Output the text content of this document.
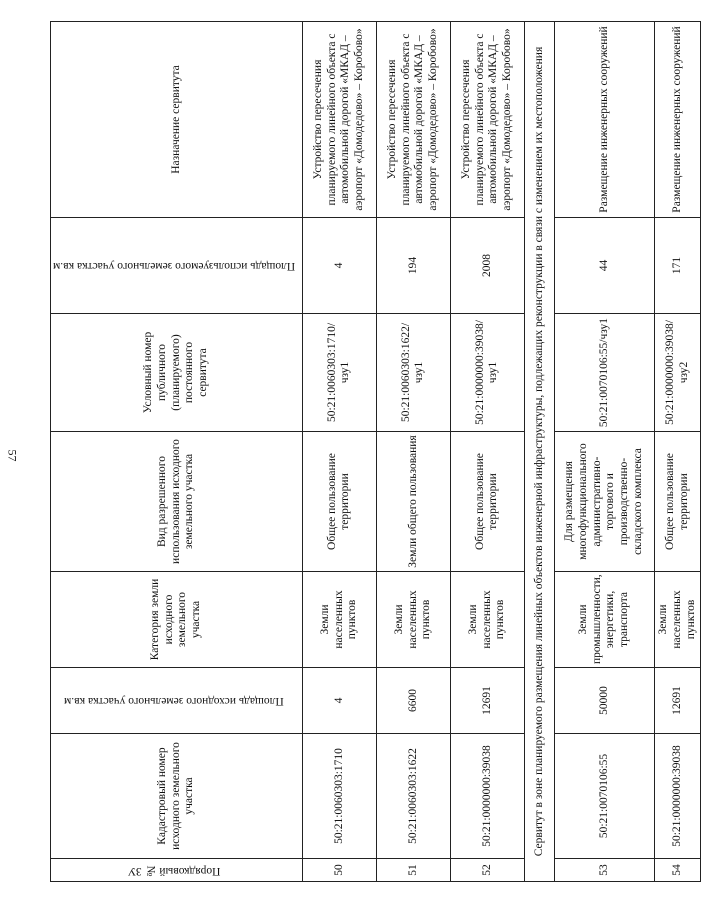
57
Порядковый № ЗУ	Кадастровый номер исходного земельного участка	Площадь исходного земельного участка кв.м	Категория земли исходного земельного участка	Вид разрешенного использования исходного земельного участка	Условный номер публичного (планируемого) постоянного сервитута	Площадь используемого земельного участка кв.м	Назначение сервитута
50	50:21:0060303:1710	4	Земли населенных пунктов	Общее пользование территории	50:21:0060303:1710/чзу1	4	Устройство пересечения планируемого линейного объекта с автомобильной дорогой «МКАД – аэропорт «Домодедово» – Коробово»
51	50:21:0060303:1622	6600	Земли населенных пунктов	Земли общего пользования	50:21:0060303:1622/чзу1	194	Устройство пересечения планируемого линейного объекта с автомобильной дорогой «МКАД – аэропорт «Домодедово» – Коробово»
52	50:21:0000000:39038	12691	Земли населенных пунктов	Общее пользование территории	50:21:0000000:39038/чзу1	2008	Устройство пересечения планируемого линейного объекта с автомобильной дорогой «МКАД – аэропорт «Домодедово» – Коробово»
Сервитут в зоне планируемого размещения линейных объектов инженерной инфраструктуры, подлежащих реконструкции в связи с изменением их местоположения							
53	50:21:0070106:55	50000	Земли промышленности, энергетики, транспорта	Для размещения многофункционального административно-торгового и производственно-складского комплекса	50:21:0070106:55/чзу1	44	Размещение инженерных сооружений
54	50:21:0000000:39038	12691	Земли населенных пунктов	Общее пользование территории	50:21:0000000:39038/чзу2	171	Размещение инженерных сооружений
